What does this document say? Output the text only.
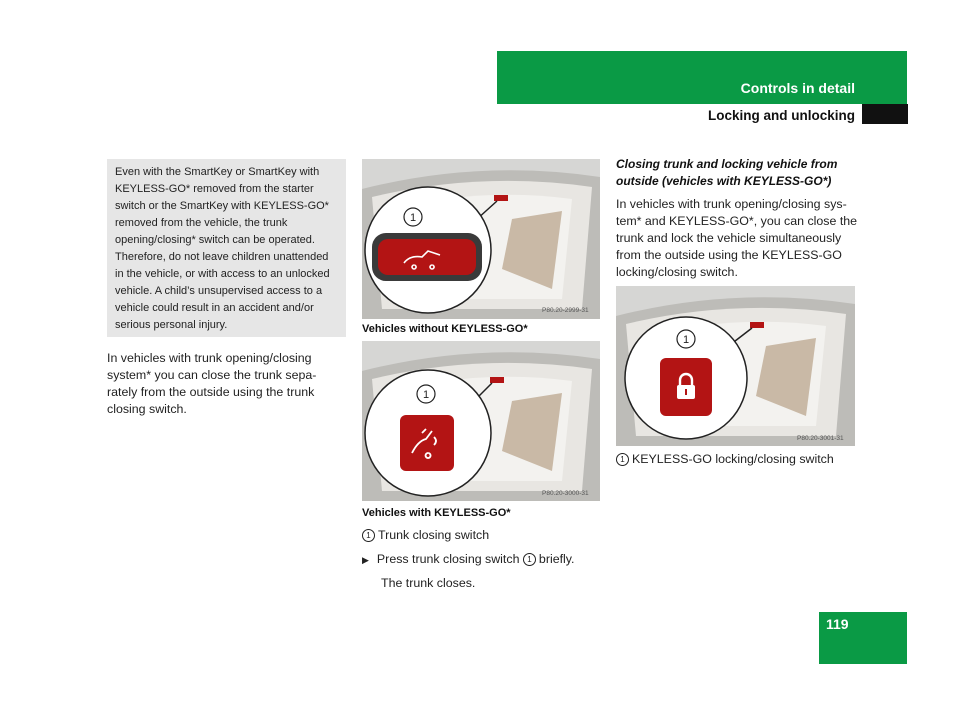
Controls in detail
Locking and unlocking
Even with the SmartKey or SmartKey with
KEYLESS-GO* removed from the starter
switch or the SmartKey with KEYLESS-GO*
removed from the vehicle, the trunk
opening/closing* switch can be operated.
Therefore, do not leave children unattended
in the vehicle, or with access to an unlocked
vehicle. A child’s unsupervised access to a
vehicle could result in an accident and/or
serious personal injury.
In vehicles with trunk opening/closing
system* you can close the trunk sepa-
rately from the outside using the trunk
closing switch.
1
P80.20-2999-31
Vehicles without KEYLESS-GO*
1
P80.20-3000-31
Vehicles with KEYLESS-GO*
1 Trunk closing switch
▶ Press trunk closing switch 1 briefly.
The trunk closes.
Closing trunk and locking vehicle from
outside (vehicles with KEYLESS-GO*)
In vehicles with trunk opening/closing sys-
tem* and KEYLESS-GO*, you can close the
trunk and lock the vehicle simultaneously
from the outside using the KEYLESS-GO
locking/closing switch.
1
P80.20-3001-31
1 KEYLESS-GO locking/closing switch
119
